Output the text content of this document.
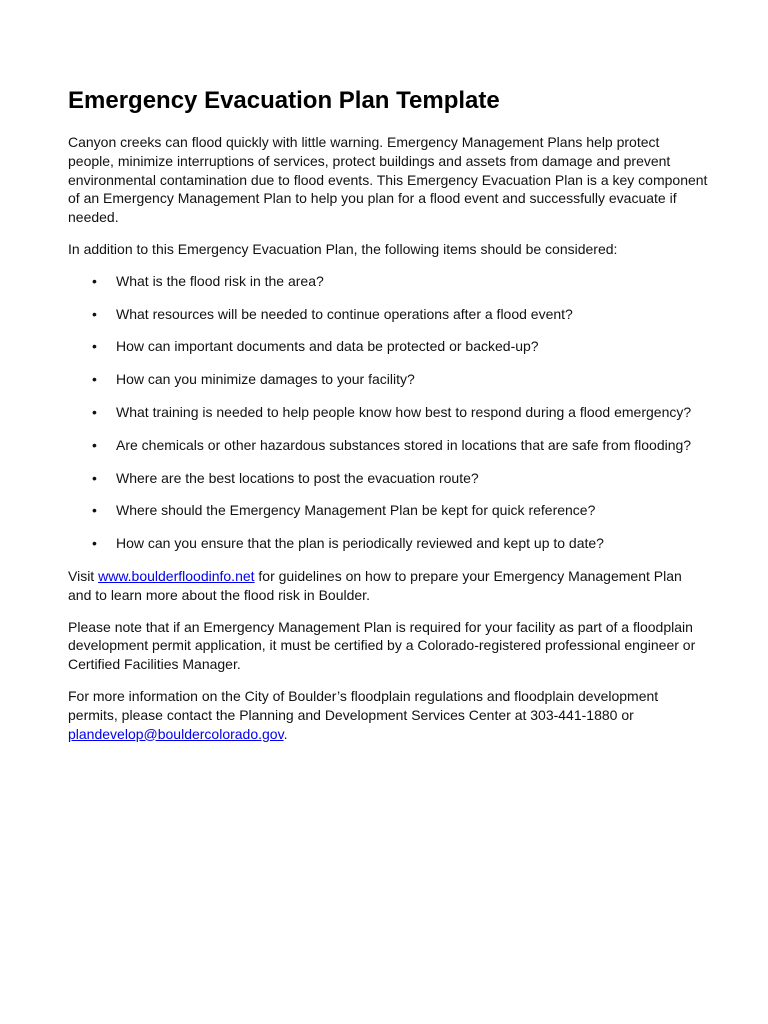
Emergency Evacuation Plan Template

Canyon creeks can flood quickly with little warning. Emergency Management Plans help protect people, minimize interruptions of services, protect buildings and assets from damage and prevent environmental contamination due to flood events. This Emergency Evacuation Plan is a key component of an Emergency Management Plan to help you plan for a flood event and successfully evacuate if needed.

In addition to this Emergency Evacuation Plan, the following items should be considered:

• What is the flood risk in the area?
• What resources will be needed to continue operations after a flood event?
• How can important documents and data be protected or backed-up?
• How can you minimize damages to your facility?
• What training is needed to help people know how best to respond during a flood emergency?
• Are chemicals or other hazardous substances stored in locations that are safe from flooding?
• Where are the best locations to post the evacuation route?
• Where should the Emergency Management Plan be kept for quick reference?
• How can you ensure that the plan is periodically reviewed and kept up to date?

Visit www.boulderfloodinfo.net for guidelines on how to prepare your Emergency Management Plan and to learn more about the flood risk in Boulder.

Please note that if an Emergency Management Plan is required for your facility as part of a floodplain development permit application, it must be certified by a Colorado-registered professional engineer or Certified Facilities Manager.

For more information on the City of Boulder’s floodplain regulations and floodplain development permits, please contact the Planning and Development Services Center at 303-441-1880 or plandevelop@bouldercolorado.gov.
